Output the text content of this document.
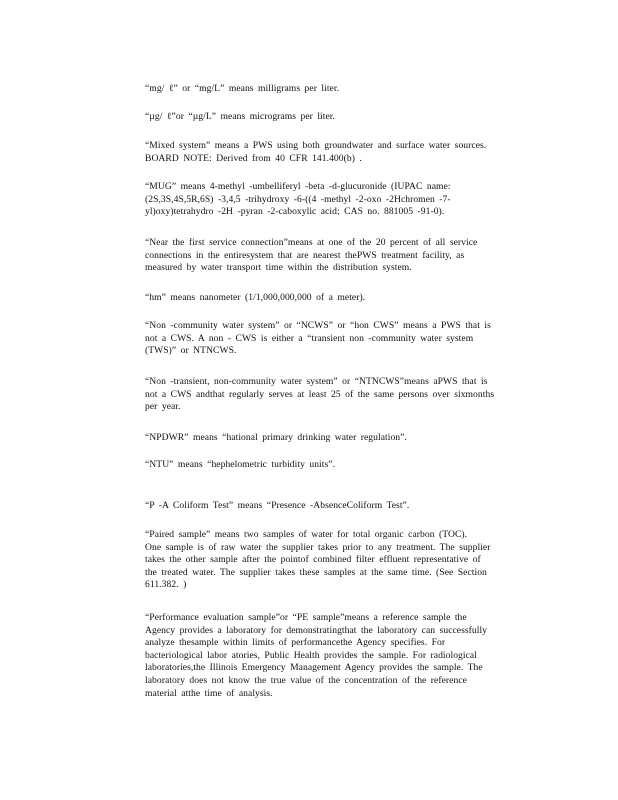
“mg/ ℓ” or “mg/L” means milligrams per liter.
“µg/ ℓ”or “µg/L” means micrograms per liter.
“Mixed system” means a PWS using both groundwater and surface water sources.
BOARD NOTE: Derived from 40 CFR 141.400(b) .
“MUG” means 4-methyl -umbelliferyl -beta -d-glucuronide (IUPAC name:
(2S,3S,4S,5R,6S) -3,4,5 -trihydroxy -6-((4 -methyl -2-oxo -2Hchromen -7-
yl)oxy)tetrahydro -2H -pyran -2-caboxylic acid; CAS no. 881005 -91-0).
“Near the first service connection”means at one of the 20 percent of all service
connections in the entiresystem that are nearest thePWS treatment facility, as
measured by water transport time within the distribution system.
“hm” means nanometer (1/1,000,000,000 of a meter).
“Non -community water system” or “NCWS” or “hon CWS” means a PWS that is
not a CWS. A non - CWS is either a “transient non -community water system
(TWS)” or NTNCWS.
“Non -transient, non-community water system” or “NTNCWS”means aPWS that is
not a CWS andthat regularly serves at least 25 of the same persons over sixmonths
per year.
“NPDWR” means “hational primary drinking water regulation”.
“NTU” means “hephelometric turbidity units”.
“P -A Coliform Test” means “Presence -AbsenceColiform Test”.
“Paired sample” means two samples of water for total organic carbon (TOC).
One sample is of raw water the supplier takes prior to any treatment. The supplier
takes the other sample after the pointof combined filter effluent representative of
the treated water. The supplier takes these samples at the same time. (See Section
611.382. )
“Performance evaluation sample”or “PE sample”means a reference sample the
Agency provides a laboratory for demonstratingthat the laboratory can successfully
analyze thesample within limits of performancethe Agency specifies. For
bacteriological labor atories, Public Health provides the sample. For radiological
laboratories,the Illinois Emergency Management Agency provides the sample. The
laboratory does not know the true value of the concentration of the reference
material atthe time of analysis.
